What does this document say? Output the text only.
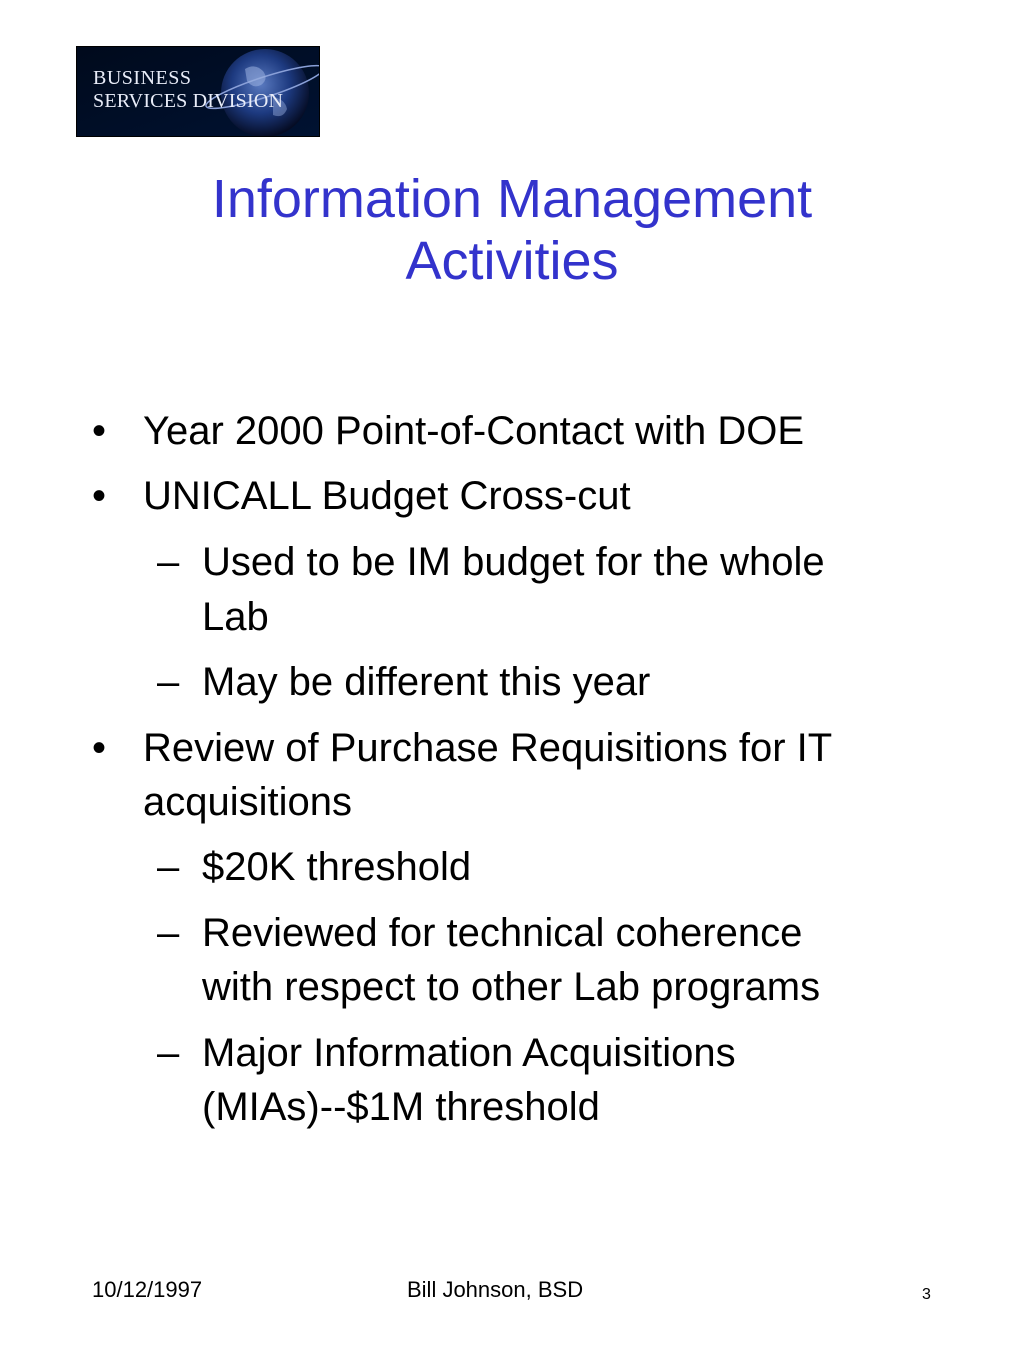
BUSINESS
SERVICES DIVISION
Information Management
Activities
• Year 2000 Point-of-Contact with DOE
• UNICALL Budget Cross-cut
– Used to be IM budget for the whole
Lab
– May be different this year
• Review of Purchase Requisitions for IT
acquisitions
– $20K threshold
– Reviewed for technical coherence
with respect to other Lab programs
– Major Information Acquisitions
(MIAs)--$1M threshold
10/12/1997	Bill Johnson, BSD	3
